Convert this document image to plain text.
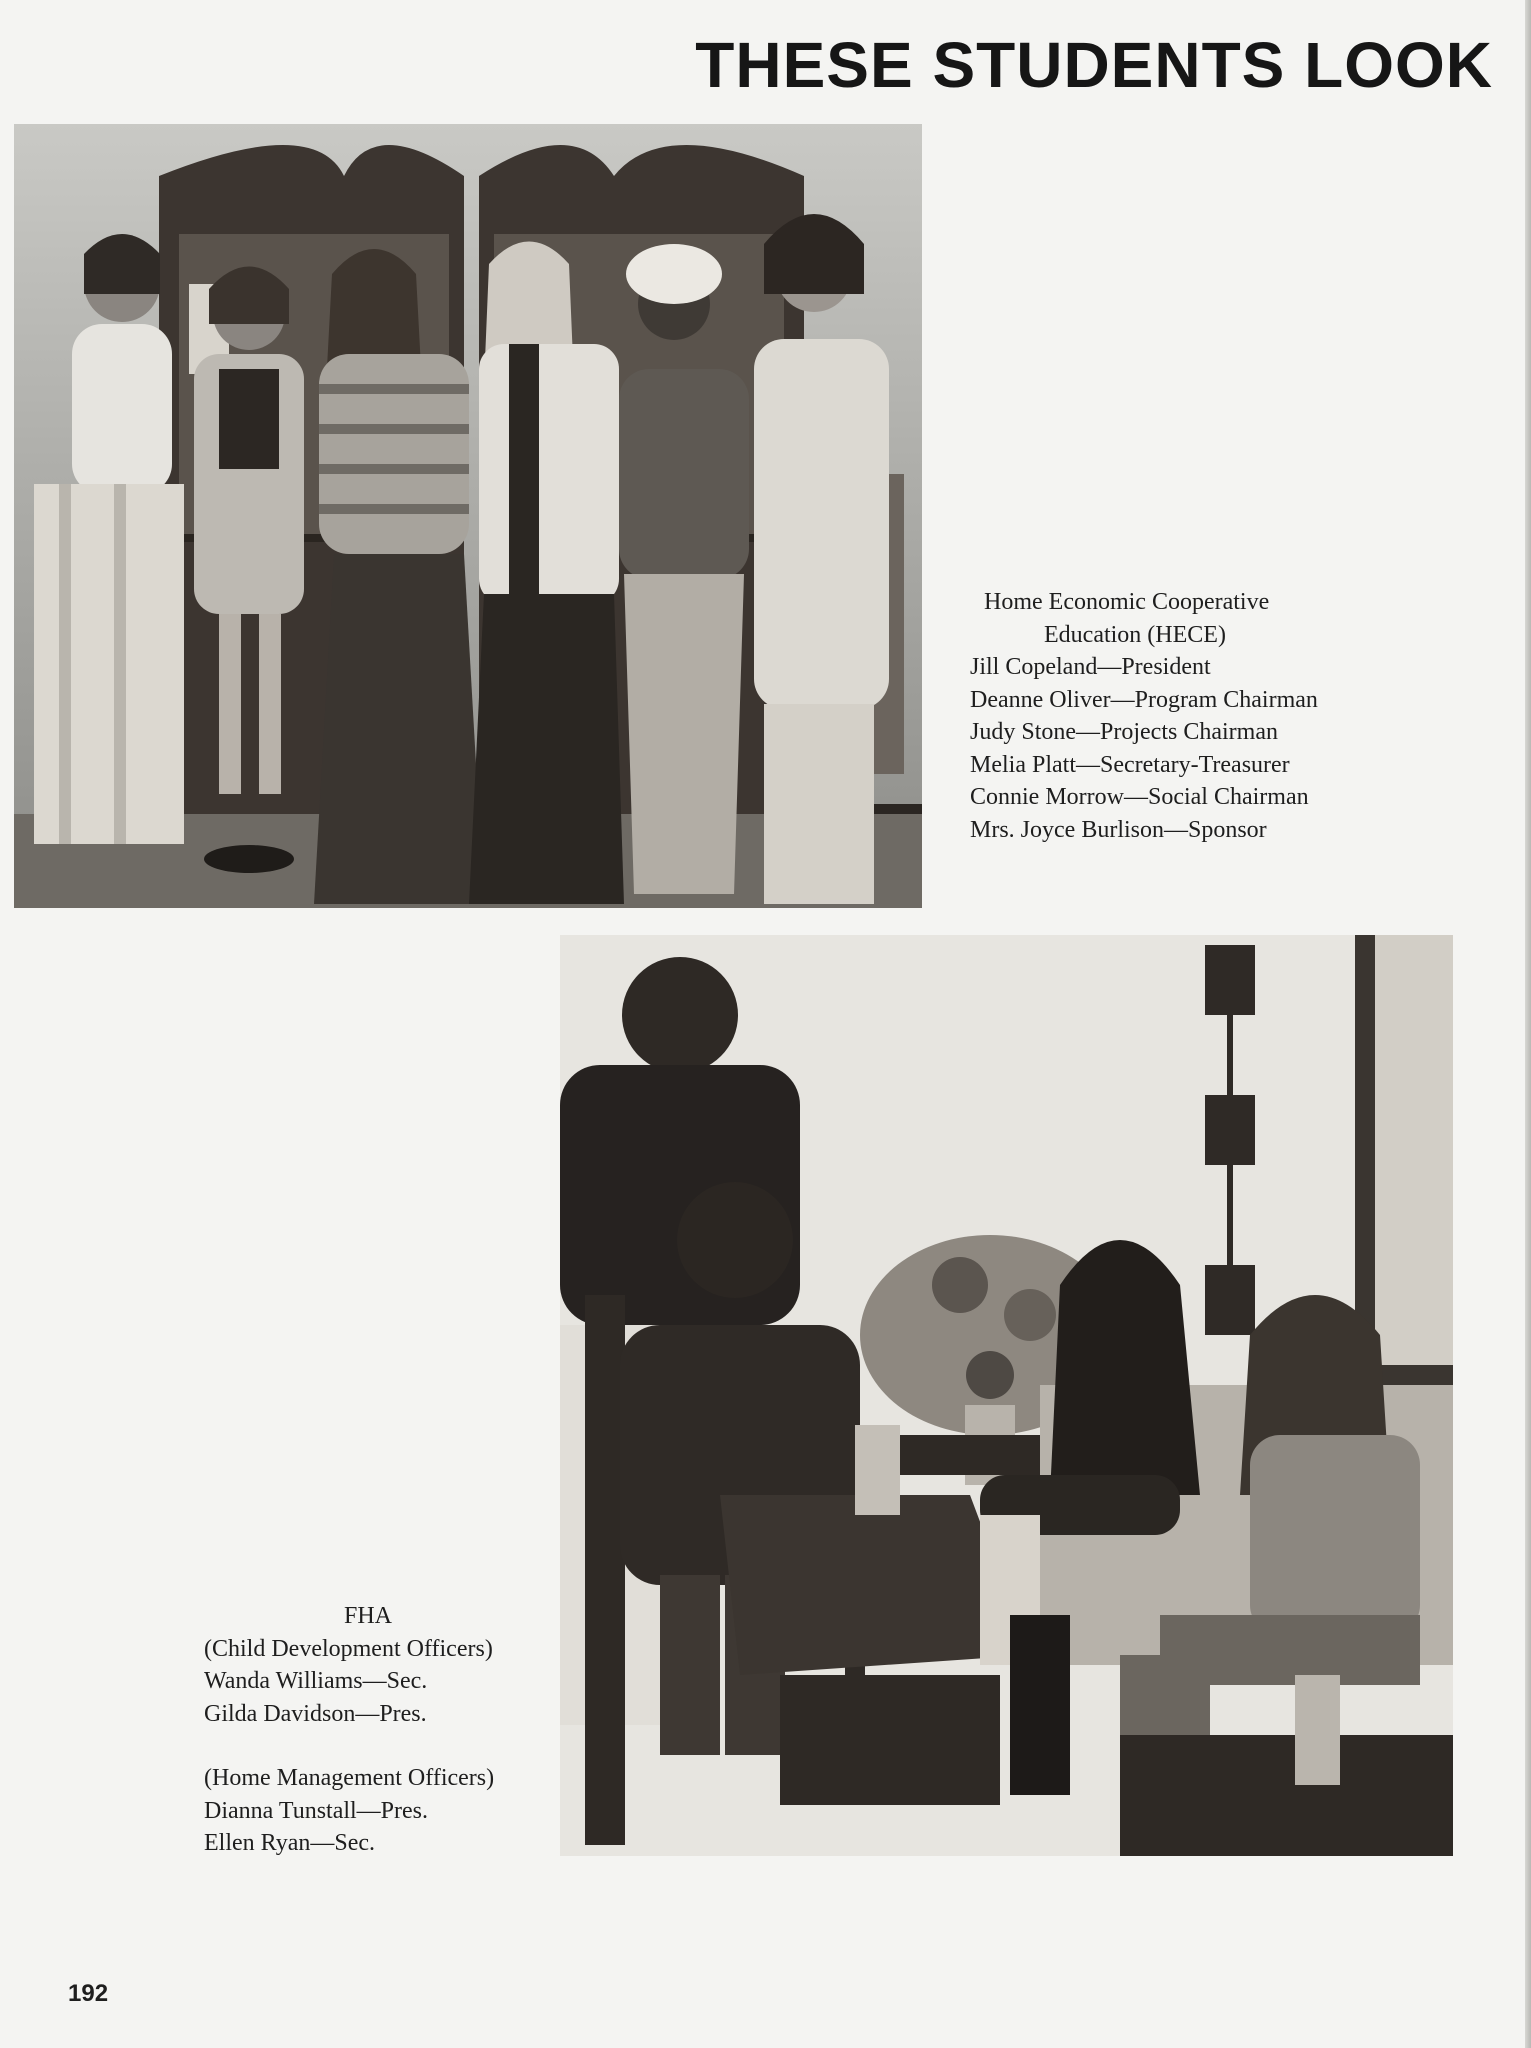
THESE STUDENTS LOOK
Home Economic Cooperative
Education (HECE)
Jill Copeland—President
Deanne Oliver—Program Chairman
Judy Stone—Projects Chairman
Melia Platt—Secretary-Treasurer
Connie Morrow—Social Chairman
Mrs. Joyce Burlison—Sponsor
FHA
(Child Development Officers)
Wanda Williams—Sec.
Gilda Davidson—Pres.
(Home Management Officers)
Dianna Tunstall—Pres.
Ellen Ryan—Sec.
192
